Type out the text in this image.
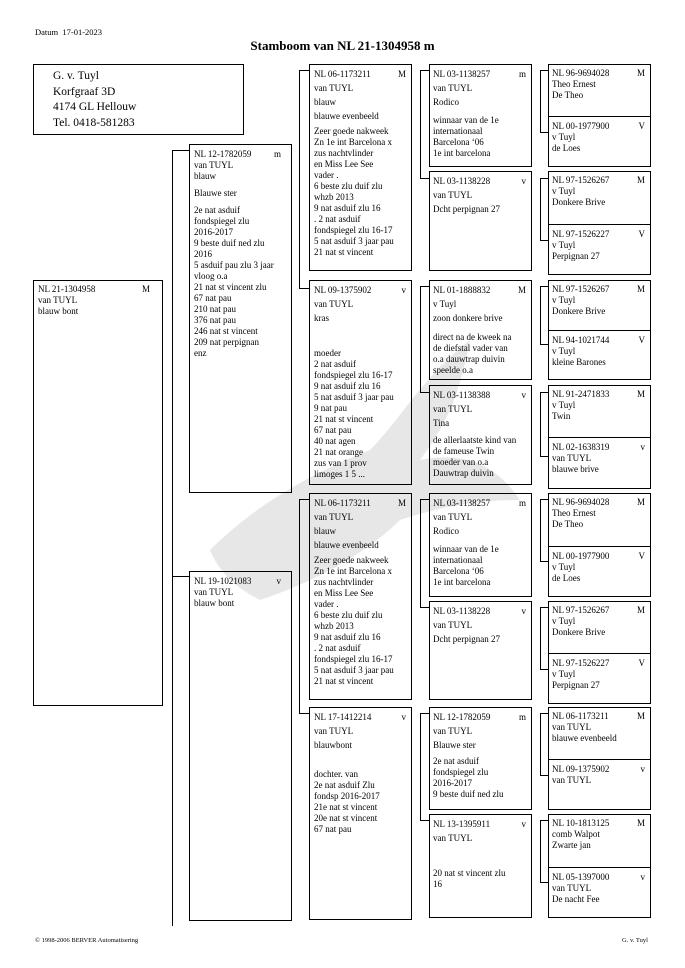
Datum 17-01-2023
Stamboom van NL 21-1304958 m
G. v. Tuyl
Korfgraaf 3D
4174 GL Hellouw
Tel. 0418-581283
NL 21-1304958	M
van TUYL
blauw bont
NL 12-1782059	m
van TUYL
blauw
Blauwe ster
2e nat asduif
fondspiegel zlu
2016-2017
9 beste duif ned zlu
2016
5 asduif pau zlu 3 jaar
vloog o.a
21 nat st vincent zlu
67 nat pau
210 nat pau
376 nat pau
246 nat st vincent
209 nat perpignan
enz
NL 19-1021083	v
van TUYL
blauw bont
NL 06-1173211	M
van TUYL
blauw
blauwe evenbeeld
Zeer goede nakweek
Zn 1e int Barcelona x
zus nachtvlinder
en Miss Lee See
vader .
6 beste zlu duif zlu
whzb 2013
9 nat asduif zlu 16
. 2 nat asduif
fondspiegel zlu 16-17
5 nat asduif 3 jaar pau
21 nat st vincent
NL 09-1375902	v
van TUYL
kras
moeder
2 nat asduif
fondspiegel zlu 16-17
9 nat asduif zlu 16
5 nat asduif 3 jaar pau
9 nat pau
21 nat st vincent
67 nat pau
40 nat agen
21 nat orange
zus van 1 prov
limoges 1 5 ...
NL 06-1173211	M
van TUYL
blauw
blauwe evenbeeld
Zeer goede nakweek
Zn 1e int Barcelona x
zus nachtvlinder
en Miss Lee See
vader .
6 beste zlu duif zlu
whzb 2013
9 nat asduif zlu 16
. 2 nat asduif
fondspiegel zlu 16-17
5 nat asduif 3 jaar pau
21 nat st vincent
NL 17-1412214	v
van TUYL
blauwbont
dochter. van
2e nat asduif Zlu
fondsp 2016-2017
21e nat st vincent
20e nat st vincent
67 nat pau
NL 03-1138257	m
van TUYL
Rodico
winnaar van de 1e
internationaal
Barcelona ‘06
1e int barcelona
NL 03-1138228	v
van TUYL
Dcht perpignan 27
NL 01-1888832	M
v Tuyl
zoon donkere brive
direct na de kweek na
de diefstal vader van
o.a dauwtrap duivin
speelde o.a
NL 03-1138388	v
van TUYL
Tina
de allerlaatste kind van
de fameuse Twin
moeder van o.a
Dauwtrap duivin
NL 03-1138257	m
van TUYL
Rodico
winnaar van de 1e
internationaal
Barcelona ‘06
1e int barcelona
NL 03-1138228	v
van TUYL
Dcht perpignan 27
NL 12-1782059	m
van TUYL
Blauwe ster
2e nat asduif
fondspiegel zlu
2016-2017
9 beste duif ned zlu
NL 13-1395911	v
van TUYL
20 nat st vincent zlu
16
NL 96-9694028	M
Theo Ernest
De Theo
NL 00-1977900	V
v Tuyl
de Loes
NL 97-1526267	M
v Tuyl
Donkere Brive
NL 97-1526227	V
v Tuyl
Perpignan 27
NL 97-1526267	M
v Tuyl
Donkere Brive
NL 94-1021744	V
v Tuyl
kleine Barones
NL 91-2471833	M
v Tuyl
Twin
NL 02-1638319	v
van TUYL
blauwe brive
NL 96-9694028	M
Theo Ernest
De Theo
NL 00-1977900	V
v Tuyl
de Loes
NL 97-1526267	M
v Tuyl
Donkere Brive
NL 97-1526227	V
v Tuyl
Perpignan 27
NL 06-1173211	M
van TUYL
blauwe evenbeeld
NL 09-1375902	v
van TUYL
NL 10-1813125	M
comb Walpot
Zwarte jan
NL 05-1397000	v
van TUYL
De nacht Fee
© 1998-2006 BERVER Automatisering	G. v. Tuyl
